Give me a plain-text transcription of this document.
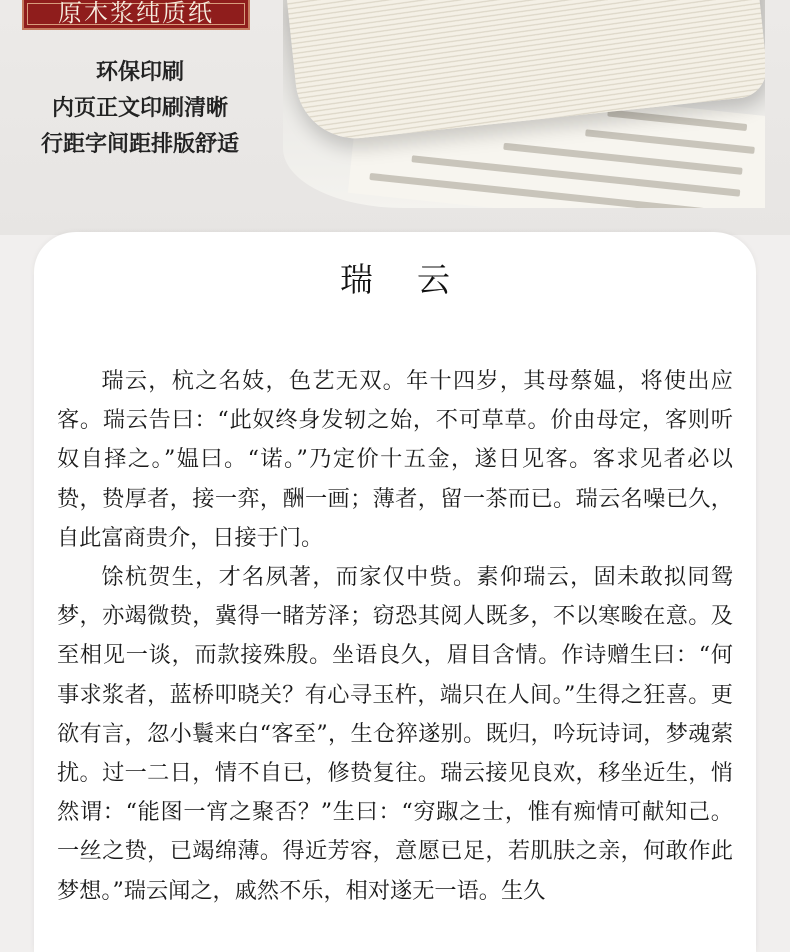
原木浆纯质纸
环保印刷
内页正文印刷清晰
行距字间距排版舒适
瑞云

瑞云，杭之名妓，色艺无双。年十四岁，其母蔡媪，将使出应客。瑞云告曰：“此奴终身发轫之始，不可草草。价由母定，客则听奴自择之。”媪曰。“诺。”乃定价十五金，遂日见客。客求见者必以贽，贽厚者，接一弈，酬一画；薄者，留一茶而已。瑞云名噪已久，自此富商贵介，日接于门。

馀杭贺生，才名夙著，而家仅中赀。素仰瑞云，固未敢拟同鸳梦，亦竭微贽，冀得一睹芳泽；窃恐其阅人既多，不以寒畯在意。及至相见一谈，而款接殊殷。坐语良久，眉目含情。作诗赠生曰：“何事求浆者，蓝桥叩晓关？有心寻玉杵，端只在人间。”生得之狂喜。更欲有言，忽小鬟来白“客至”，生仓猝遂别。既归，吟玩诗词，梦魂萦扰。过一二日，情不自已，修贽复往。瑞云接见良欢，移坐近生，悄然谓：“能图一宵之聚否？”生曰：“穷踧之士，惟有痴情可献知己。一丝之贽，已竭绵薄。得近芳容，意愿已足，若肌肤之亲，何敢作此梦想。”瑞云闻之，戚然不乐，相对遂无一语。生久
